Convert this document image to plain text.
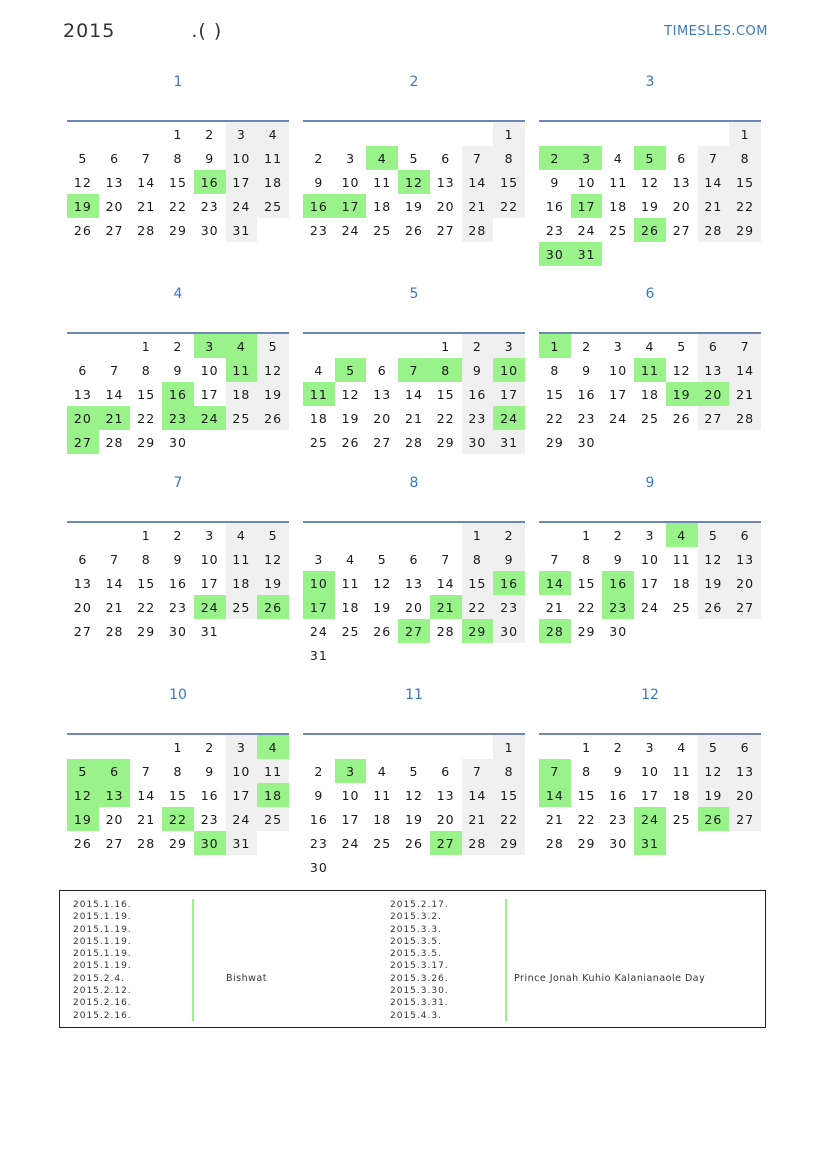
2015	.( )	TIMESLES.COM
1
			1	2	3	4
5	6	7	8	9	10	11
12	13	14	15	16	17	18
19	20	21	22	23	24	25
26	27	28	29	30	31	
2
						1
2	3	4	5	6	7	8
9	10	11	12	13	14	15
16	17	18	19	20	21	22
23	24	25	26	27	28	
3
						1
2	3	4	5	6	7	8
9	10	11	12	13	14	15
16	17	18	19	20	21	22
23	24	25	26	27	28	29
30	31					
4
		1	2	3	4	5
6	7	8	9	10	11	12
13	14	15	16	17	18	19
20	21	22	23	24	25	26
27	28	29	30			
5
				1	2	3
4	5	6	7	8	9	10
11	12	13	14	15	16	17
18	19	20	21	22	23	24
25	26	27	28	29	30	31
6
1	2	3	4	5	6	7
8	9	10	11	12	13	14
15	16	17	18	19	20	21
22	23	24	25	26	27	28
29	30					
7
		1	2	3	4	5
6	7	8	9	10	11	12
13	14	15	16	17	18	19
20	21	22	23	24	25	26
27	28	29	30	31		
8
					1	2
3	4	5	6	7	8	9
10	11	12	13	14	15	16
17	18	19	20	21	22	23
24	25	26	27	28	29	30
31						
9
	1	2	3	4	5	6
7	8	9	10	11	12	13
14	15	16	17	18	19	20
21	22	23	24	25	26	27
28	29	30				
10
			1	2	3	4
5	6	7	8	9	10	11
12	13	14	15	16	17	18
19	20	21	22	23	24	25
26	27	28	29	30	31	
11
						1
2	3	4	5	6	7	8
9	10	11	12	13	14	15
16	17	18	19	20	21	22
23	24	25	26	27	28	29
30						
12
	1	2	3	4	5	6
7	8	9	10	11	12	13
14	15	16	17	18	19	20
21	22	23	24	25	26	27
28	29	30	31			
2015.1.16.
2015.1.19.
2015.1.19.
2015.1.19.
2015.1.19.
2015.1.19.
2015.2.4.
2015.2.12.
2015.2.16.
2015.2.16.
Bishwat
2015.2.17.
2015.3.2.
2015.3.3.
2015.3.5.
2015.3.5.
2015.3.17.
2015.3.26.
2015.3.30.
2015.3.31.
2015.4.3.
Prince Jonah Kuhio Kalanianaole Day
